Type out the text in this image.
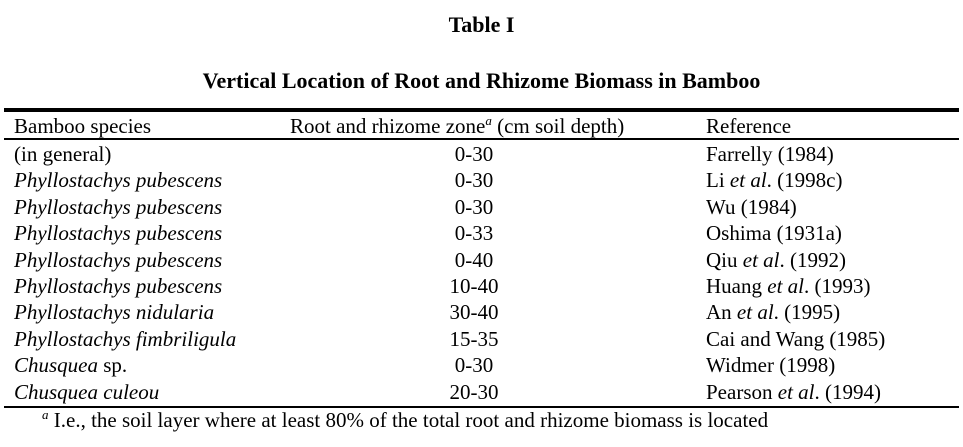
Table I
Vertical Location of Root and Rhizome Biomass in Bamboo
Bamboo species	Root and rhizome zone$^a$ (cm soil depth)	Reference
(in general)	0-30	Farrelly (1984)
Phyllostachys pubescens	0-30	Li et al. (1998c)
Phyllostachys pubescens	0-30	Wu (1984)
Phyllostachys pubescens	0-33	Oshima (1931a)
Phyllostachys pubescens	0-40	Qiu et al. (1992)
Phyllostachys pubescens	10-40	Huang et al. (1993)
Phyllostachys nidularia	30-40	An et al. (1995)
Phyllostachys fimbriligula	15-35	Cai and Wang (1985)
Chusquea sp.	0-30	Widmer (1998)
Chusquea culeou	20-30	Pearson et al. (1994)
$^a$ I.e., the soil layer where at least 80% of the total root and rhizome biomass is located
